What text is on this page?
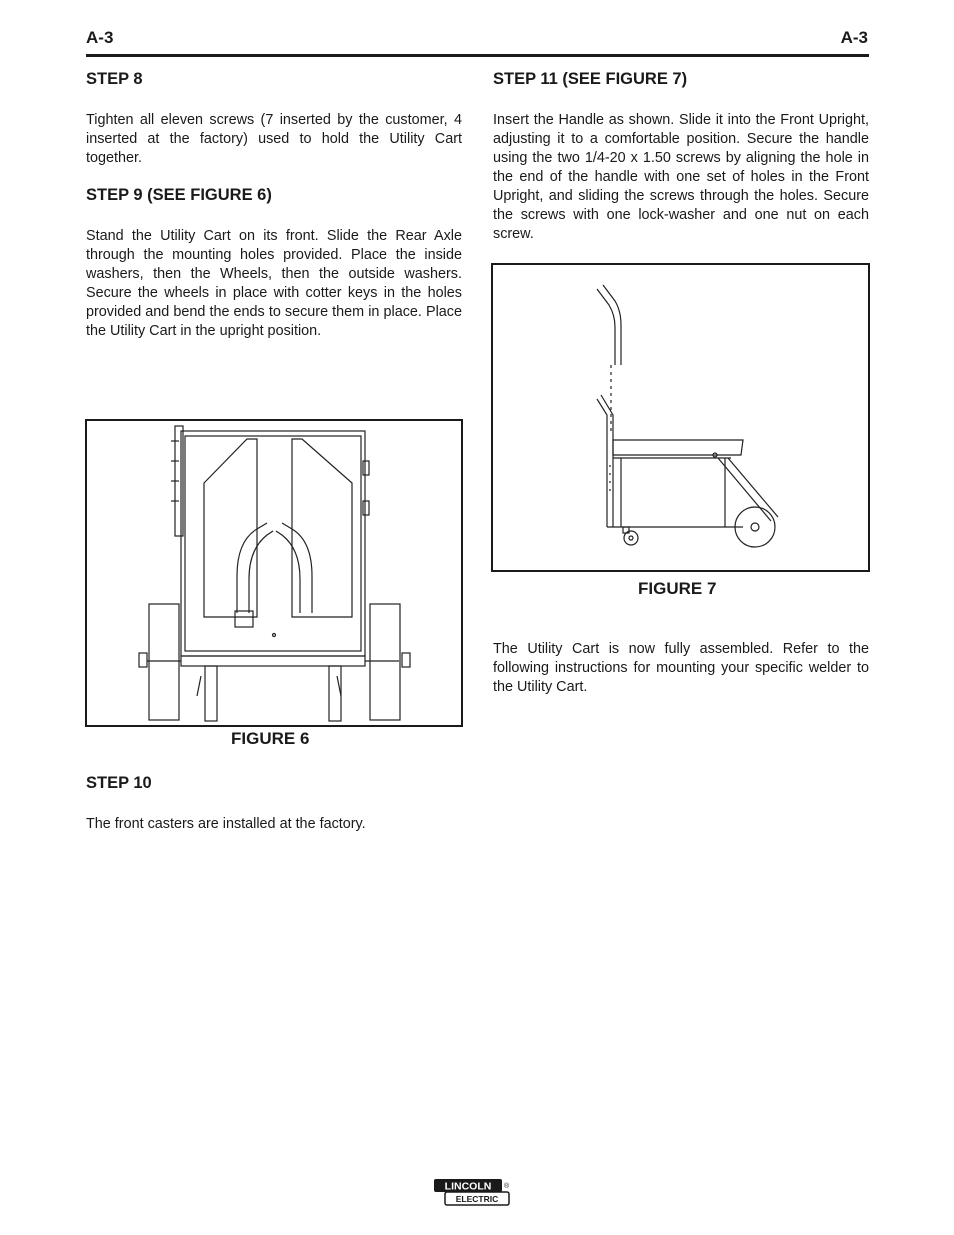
A-3	A-3
STEP 8

Tighten all eleven screws (7 inserted by the customer, 4 inserted at the factory) used to hold the Utility Cart together.

STEP 9 (SEE FIGURE 6)

Stand the Utility Cart on its front. Slide the Rear Axle through the mounting holes provided. Place the inside washers, then the Wheels, then the outside washers. Secure the wheels in place with cotter keys in the holes provided and bend the ends to secure them in place. Place the Utility Cart in the upright position.

FIGURE 6
STEP 10

The front casters are installed at the factory.

STEP 11 (SEE FIGURE 7)

Insert the Handle as shown. Slide it into the Front Upright, adjusting it to a comfortable position. Secure the handle using the two 1/4-20 x 1.50 screws by aligning the hole in the end of the handle with one set of holes in the Front Upright, and sliding the screws through the holes. Secure the screws with one lock-washer and one nut on each screw.

FIGURE 7

The Utility Cart is now fully assembled. Refer to the following instructions for mounting your specific welder to the Utility Cart.

LINCOLN
ELECTRIC
®
